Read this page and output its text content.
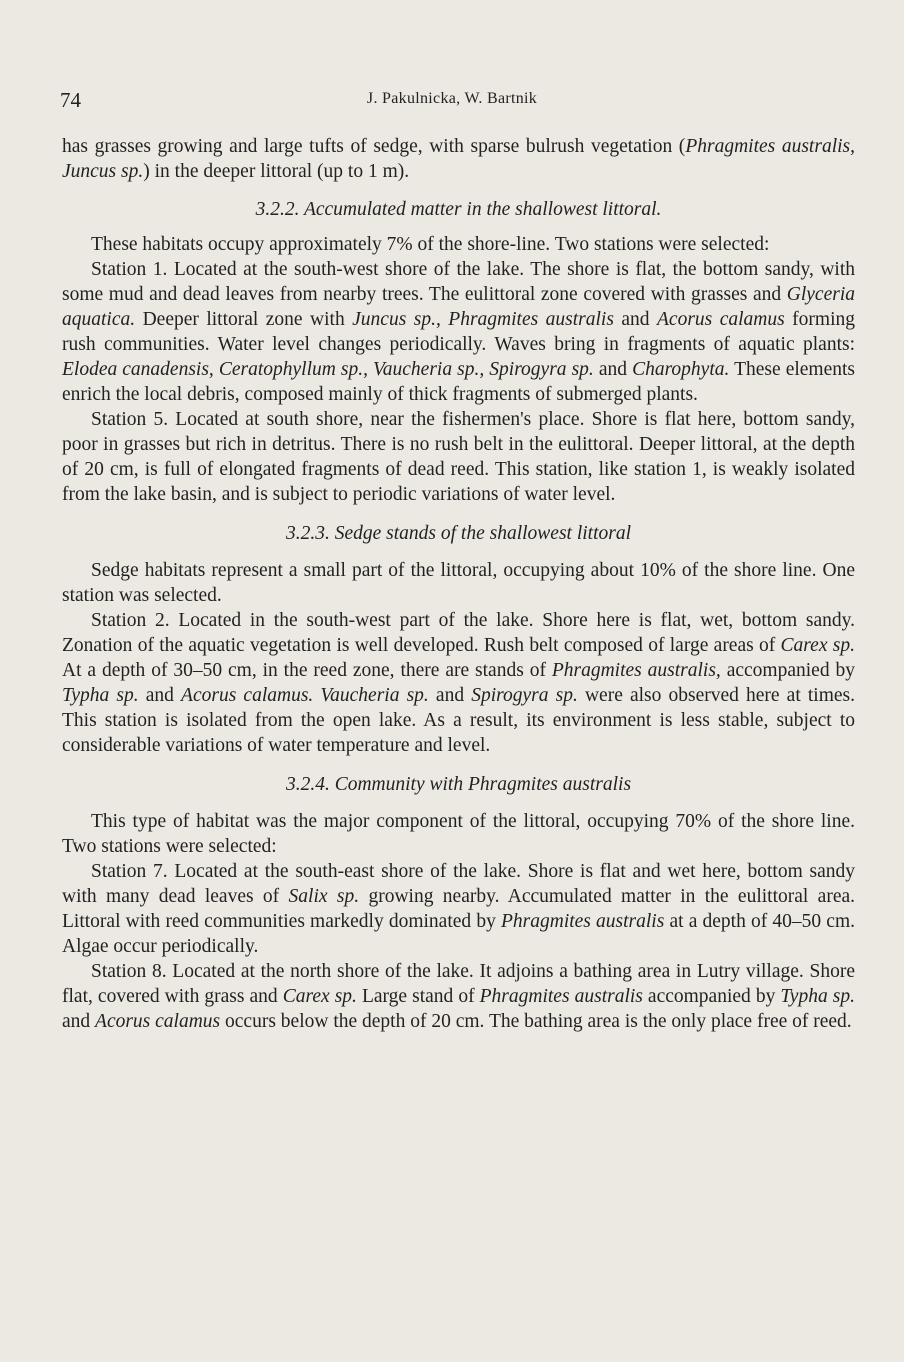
74	J. Pakulnicka, W. Bartnik

has grasses growing and large tufts of sedge, with sparse bulrush vegetation (Phragmites australis, Juncus sp.) in the deeper littoral (up to 1 m).

3.2.2. Accumulated matter in the shallowest littoral.

These habitats occupy approximately 7% of the shore-line. Two stations were selected:

Station 1. Located at the south-west shore of the lake. The shore is flat, the bottom sandy, with some mud and dead leaves from nearby trees. The eulittoral zone covered with grasses and Glyceria aquatica. Deeper littoral zone with Juncus sp., Phragmites australis and Acorus calamus forming rush communities. Water level changes periodically. Waves bring in fragments of aquatic plants: Elodea canadensis, Ceratophyllum sp., Vaucheria sp., Spirogyra sp. and Charophyta. These elements enrich the local debris, composed mainly of thick fragments of submerged plants.

Station 5. Located at south shore, near the fishermen's place. Shore is flat here, bottom sandy, poor in grasses but rich in detritus. There is no rush belt in the eulittoral. Deeper littoral, at the depth of 20 cm, is full of elongated fragments of dead reed. This station, like station 1, is weakly isolated from the lake basin, and is subject to periodic variations of water level.

3.2.3. Sedge stands of the shallowest littoral

Sedge habitats represent a small part of the littoral, occupying about 10% of the shore line. One station was selected.

Station 2. Located in the south-west part of the lake. Shore here is flat, wet, bottom sandy. Zonation of the aquatic vegetation is well developed. Rush belt composed of large areas of Carex sp. At a depth of 30–50 cm, in the reed zone, there are stands of Phragmites australis, accompanied by Typha sp. and Acorus calamus. Vaucheria sp. and Spirogyra sp. were also observed here at times. This station is isolated from the open lake. As a result, its environment is less stable, subject to considerable variations of water temperature and level.

3.2.4. Community with Phragmites australis

This type of habitat was the major component of the littoral, occupying 70% of the shore line. Two stations were selected:

Station 7. Located at the south-east shore of the lake. Shore is flat and wet here, bottom sandy with many dead leaves of Salix sp. growing nearby. Accumulated matter in the eulittoral area. Littoral with reed communities markedly dominated by Phragmites australis at a depth of 40–50 cm. Algae occur periodically.

Station 8. Located at the north shore of the lake. It adjoins a bathing area in Lutry village. Shore flat, covered with grass and Carex sp. Large stand of Phragmites australis accompanied by Typha sp. and Acorus calamus occurs below the depth of 20 cm. The bathing area is the only place free of reed.
